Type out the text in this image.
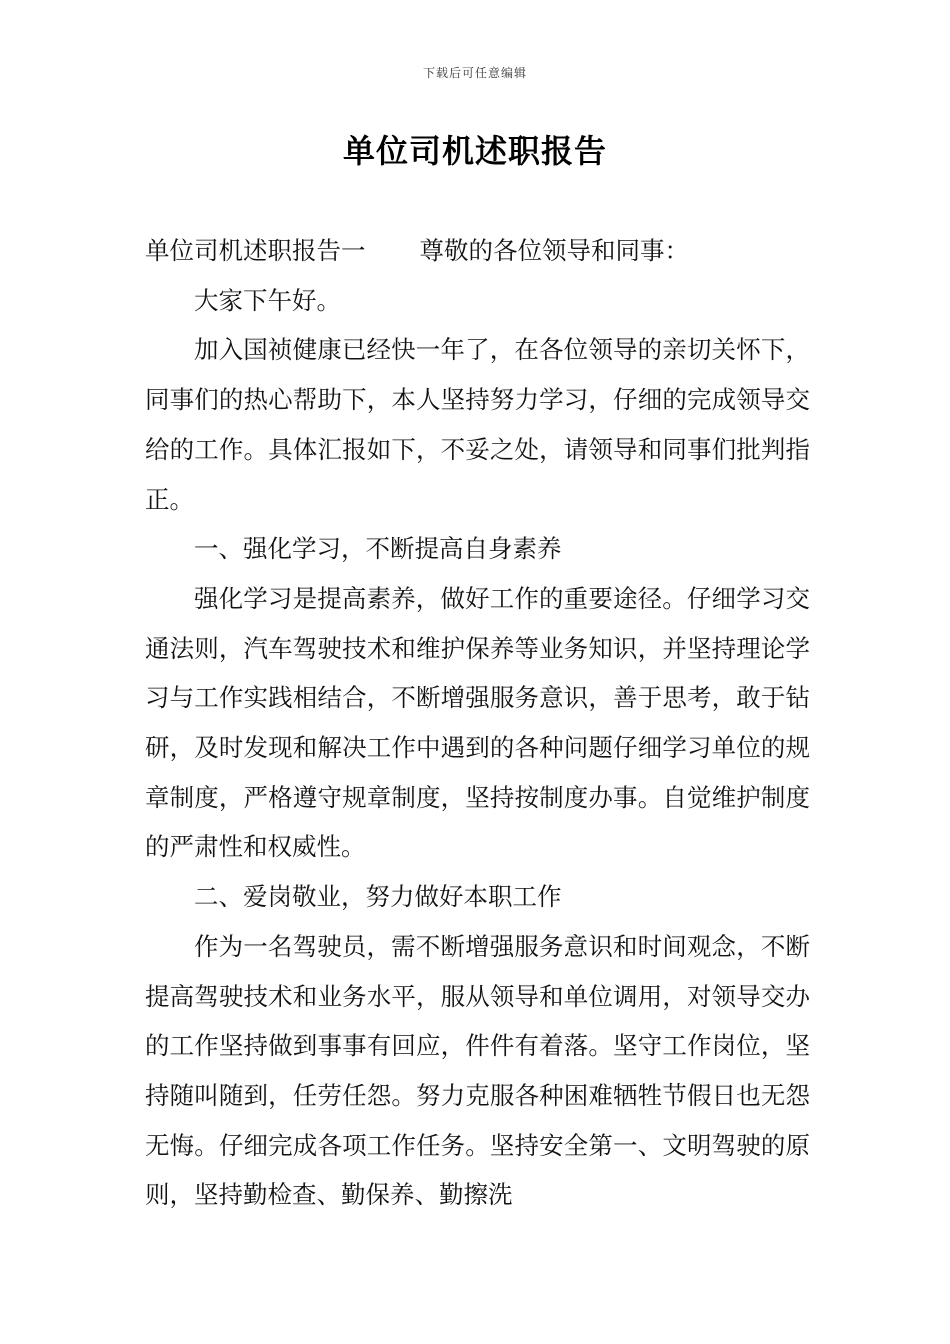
下载后可任意编辑
单位司机述职报告

单位司机述职报告一 尊敬的各位领导和同事：

大家下午好。

加入国祯健康已经快一年了，在各位领导的亲切关怀下，同事们的热心帮助下，本人坚持努力学习，仔细的完成领导交给的工作。具体汇报如下，不妥之处，请领导和同事们批判指正。

一、强化学习，不断提高自身素养

强化学习是提高素养，做好工作的重要途径。仔细学习交通法则，汽车驾驶技术和维护保养等业务知识，并坚持理论学习与工作实践相结合，不断增强服务意识，善于思考，敢于钻研，及时发现和解决工作中遇到的各种问题仔细学习单位的规章制度，严格遵守规章制度，坚持按制度办事。自觉维护制度的严肃性和权威性。

二、爱岗敬业，努力做好本职工作

作为一名驾驶员，需不断增强服务意识和时间观念，不断提高驾驶技术和业务水平，服从领导和单位调用，对领导交办的工作坚持做到事事有回应，件件有着落。坚守工作岗位，坚持随叫随到，任劳任怨。努力克服各种困难牺牲节假日也无怨无悔。仔细完成各项工作任务。坚持安全第一、文明驾驶的原则，坚持勤检查、勤保养、勤擦洗
